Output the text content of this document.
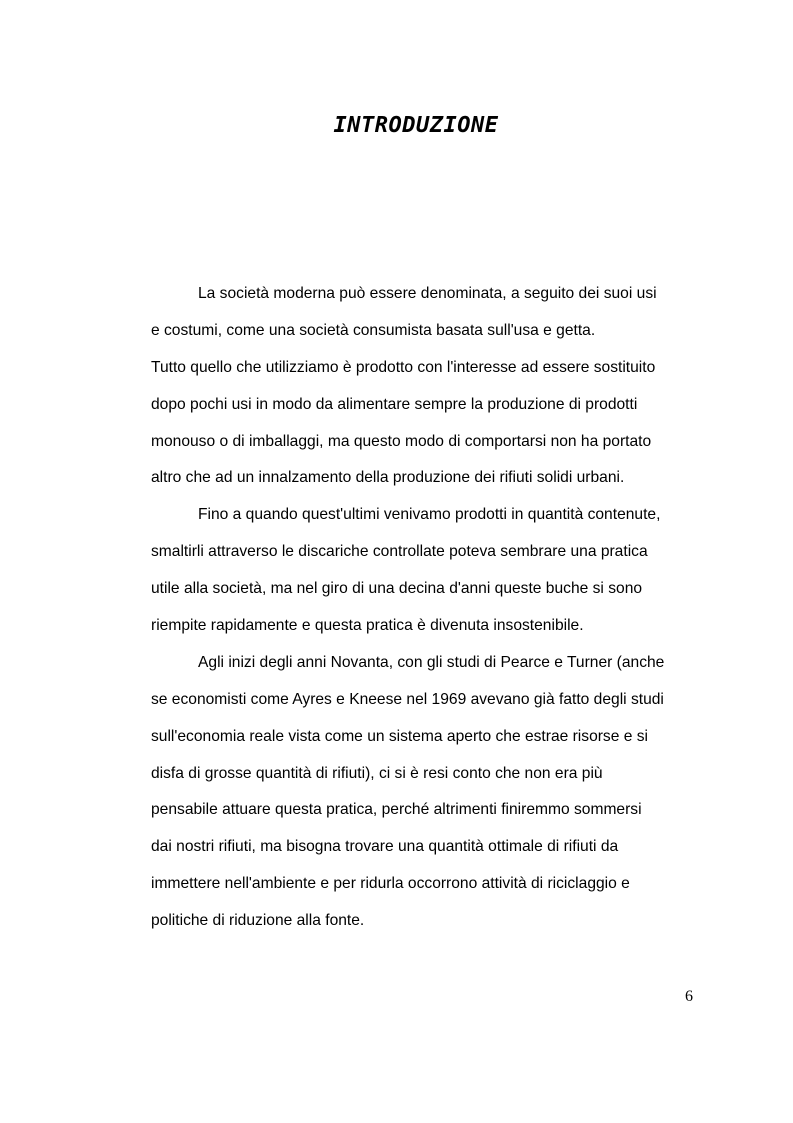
INTRODUZIONE
La società moderna può essere denominata, a seguito dei suoi usi
e costumi, come una società consumista basata sull'usa e getta.
Tutto quello che utilizziamo è prodotto con l'interesse ad essere sostituito
dopo pochi usi in modo da alimentare sempre la produzione di prodotti
monouso o di imballaggi, ma questo modo di comportarsi non ha portato
altro che ad un innalzamento della produzione dei rifiuti solidi urbani.
Fino a quando quest'ultimi venivamo prodotti in quantità contenute,
smaltirli attraverso le discariche controllate poteva sembrare una pratica
utile alla società, ma nel giro di una decina d'anni queste buche si sono
riempite rapidamente e questa pratica è divenuta insostenibile.
Agli inizi degli anni Novanta, con gli studi di Pearce e Turner (anche
se economisti come Ayres e Kneese nel 1969 avevano già fatto degli studi
sull'economia reale vista come un sistema aperto che estrae risorse e si
disfa di grosse quantità di rifiuti), ci si è resi conto che non era più
pensabile attuare questa pratica, perché altrimenti finiremmo sommersi
dai nostri rifiuti, ma bisogna trovare una quantità ottimale di rifiuti da
immettere nell'ambiente e per ridurla occorrono attività di riciclaggio e
politiche di riduzione alla fonte.
6
